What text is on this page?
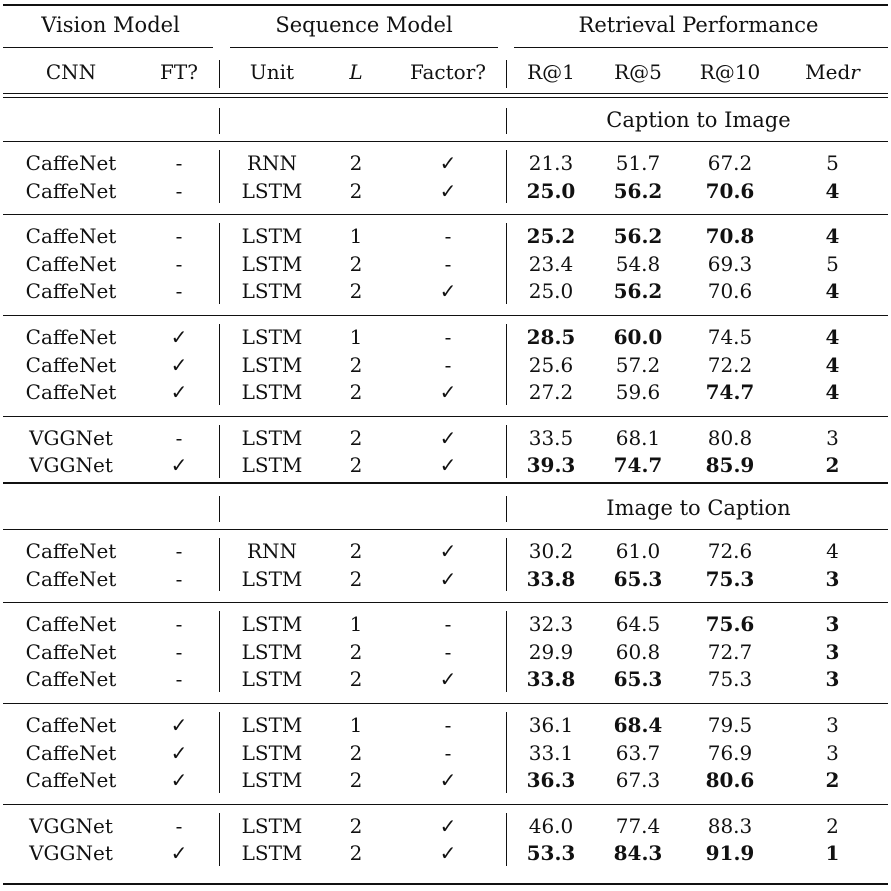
Vision Model	Sequence Model	Retrieval Performance
CNN	FT?	Unit	L	Factor?	R@1	R@5	R@10	Medr
Caption to Image
CaffeNet	-	RNN	2	✓	21.3	51.7	67.2	5
CaffeNet	-	LSTM	2	✓	25.0	56.2	70.6	4
CaffeNet	-	LSTM	1	-	25.2	56.2	70.8	4
CaffeNet	-	LSTM	2	-	23.4	54.8	69.3	5
CaffeNet	-	LSTM	2	✓	25.0	56.2	70.6	4
CaffeNet	✓	LSTM	1	-	28.5	60.0	74.5	4
CaffeNet	✓	LSTM	2	-	25.6	57.2	72.2	4
CaffeNet	✓	LSTM	2	✓	27.2	59.6	74.7	4
VGGNet	-	LSTM	2	✓	33.5	68.1	80.8	3
VGGNet	✓	LSTM	2	✓	39.3	74.7	85.9	2
Image to Caption
CaffeNet	-	RNN	2	✓	30.2	61.0	72.6	4
CaffeNet	-	LSTM	2	✓	33.8	65.3	75.3	3
CaffeNet	-	LSTM	1	-	32.3	64.5	75.6	3
CaffeNet	-	LSTM	2	-	29.9	60.8	72.7	3
CaffeNet	-	LSTM	2	✓	33.8	65.3	75.3	3
CaffeNet	✓	LSTM	1	-	36.1	68.4	79.5	3
CaffeNet	✓	LSTM	2	-	33.1	63.7	76.9	3
CaffeNet	✓	LSTM	2	✓	36.3	67.3	80.6	2
VGGNet	-	LSTM	2	✓	46.0	77.4	88.3	2
VGGNet	✓	LSTM	2	✓	53.3	84.3	91.9	1
